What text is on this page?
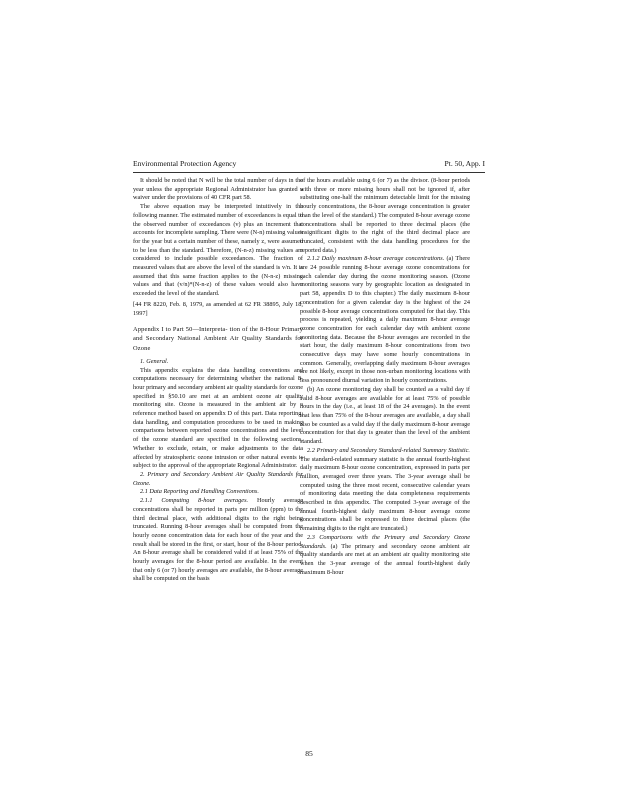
Environmental Protection Agency	Pt. 50, App. I

It should be noted that N will be the total number of days in the year unless the appropriate Regional Administrator has granted a waiver under the provisions of 40 CFR part 58.

The above equation may be interpreted intuitively in the following manner. The estimated number of exceedances is equal to the observed number of exceedances (v) plus an increment that accounts for incomplete sampling. There were (N-n) missing values for the year but a certain number of these, namely z, were assumed to be less than the standard. Therefore, (N-n-z) missing values are considered to include possible exceedances. The fraction of measured values that are above the level of the standard is v/n. It is assumed that this same fraction applies to the (N-n-z) missing values and that (v/n)*(N-n-z) of these values would also have exceeded the level of the standard.

[44 FR 8220, Feb. 8, 1979, as amended at 62 FR 38895, July 18, 1997]

Appendix I to Part 50—Interpreta- tion of the 8-Hour Primary and Secondary National Ambient Air Quality Standards for Ozone

1. General.

This appendix explains the data handling conventions and computations necessary for determining whether the national 8-hour primary and secondary ambient air quality standards for ozone specified in §50.10 are met at an ambient ozone air quality monitoring site. Ozone is measured in the ambient air by a reference method based on appendix D of this part. Data reporting, data handling, and computation procedures to be used in making comparisons between reported ozone concentrations and the level of the ozone standard are specified in the following sections. Whether to exclude, retain, or make adjustments to the data affected by stratospheric ozone intrusion or other natural events is subject to the approval of the appropriate Regional Administrator.

2. Primary and Secondary Ambient Air Quality Standards for Ozone.

2.1 Data Reporting and Handling Conventions.

2.1.1 Computing 8-hour averages. Hourly average concentrations shall be reported in parts per million (ppm) to the third decimal place, with additional digits to the right being truncated. Running 8-hour averages shall be computed from the hourly ozone concentration data for each hour of the year and the result shall be stored in the first, or start, hour of the 8-hour period. An 8-hour average shall be considered valid if at least 75% of the hourly averages for the 8-hour period are available. In the event that only 6 (or 7) hourly averages are available, the 8-hour average shall be computed on the basis

of the hours available using 6 (or 7) as the divisor. (8-hour periods with three or more missing hours shall not be ignored if, after substituting one-half the minimum detectable limit for the missing hourly concentrations, the 8-hour average concentration is greater than the level of the standard.) The computed 8-hour average ozone concentrations shall be reported to three decimal places (the insignificant digits to the right of the third decimal place are truncated, consistent with the data handling procedures for the reported data.)

2.1.2 Daily maximum 8-hour average concentrations. (a) There are 24 possible running 8-hour average ozone concentrations for each calendar day during the ozone monitoring season. (Ozone monitoring seasons vary by geographic location as designated in part 58, appendix D to this chapter.) The daily maximum 8-hour concentration for a given calendar day is the highest of the 24 possible 8-hour average concentrations computed for that day. This process is repeated, yielding a daily maximum 8-hour average ozone concentration for each calendar day with ambient ozone monitoring data. Because the 8-hour averages are recorded in the start hour, the daily maximum 8-hour concentrations from two consecutive days may have some hourly concentrations in common. Generally, overlapping daily maximum 8-hour averages are not likely, except in those non-urban monitoring locations with less pronounced diurnal variation in hourly concentrations.

(b) An ozone monitoring day shall be counted as a valid day if valid 8-hour averages are available for at least 75% of possible hours in the day (i.e., at least 18 of the 24 averages). In the event that less than 75% of the 8-hour averages are available, a day shall also be counted as a valid day if the daily maximum 8-hour average concentration for that day is greater than the level of the ambient standard.

2.2 Primary and Secondary Standard-related Summary Statistic. The standard-related summary statistic is the annual fourth-highest daily maximum 8-hour ozone concentration, expressed in parts per million, averaged over three years. The 3-year average shall be computed using the three most recent, consecutive calendar years of monitoring data meeting the data completeness requirements described in this appendix. The computed 3-year average of the annual fourth-highest daily maximum 8-hour average ozone concentrations shall be expressed to three decimal places (the remaining digits to the right are truncated.)

2.3 Comparisons with the Primary and Secondary Ozone Standards. (a) The primary and secondary ozone ambient air quality standards are met at an ambient air quality monitoring site when the 3-year average of the annual fourth-highest daily maximum 8-hour

85
